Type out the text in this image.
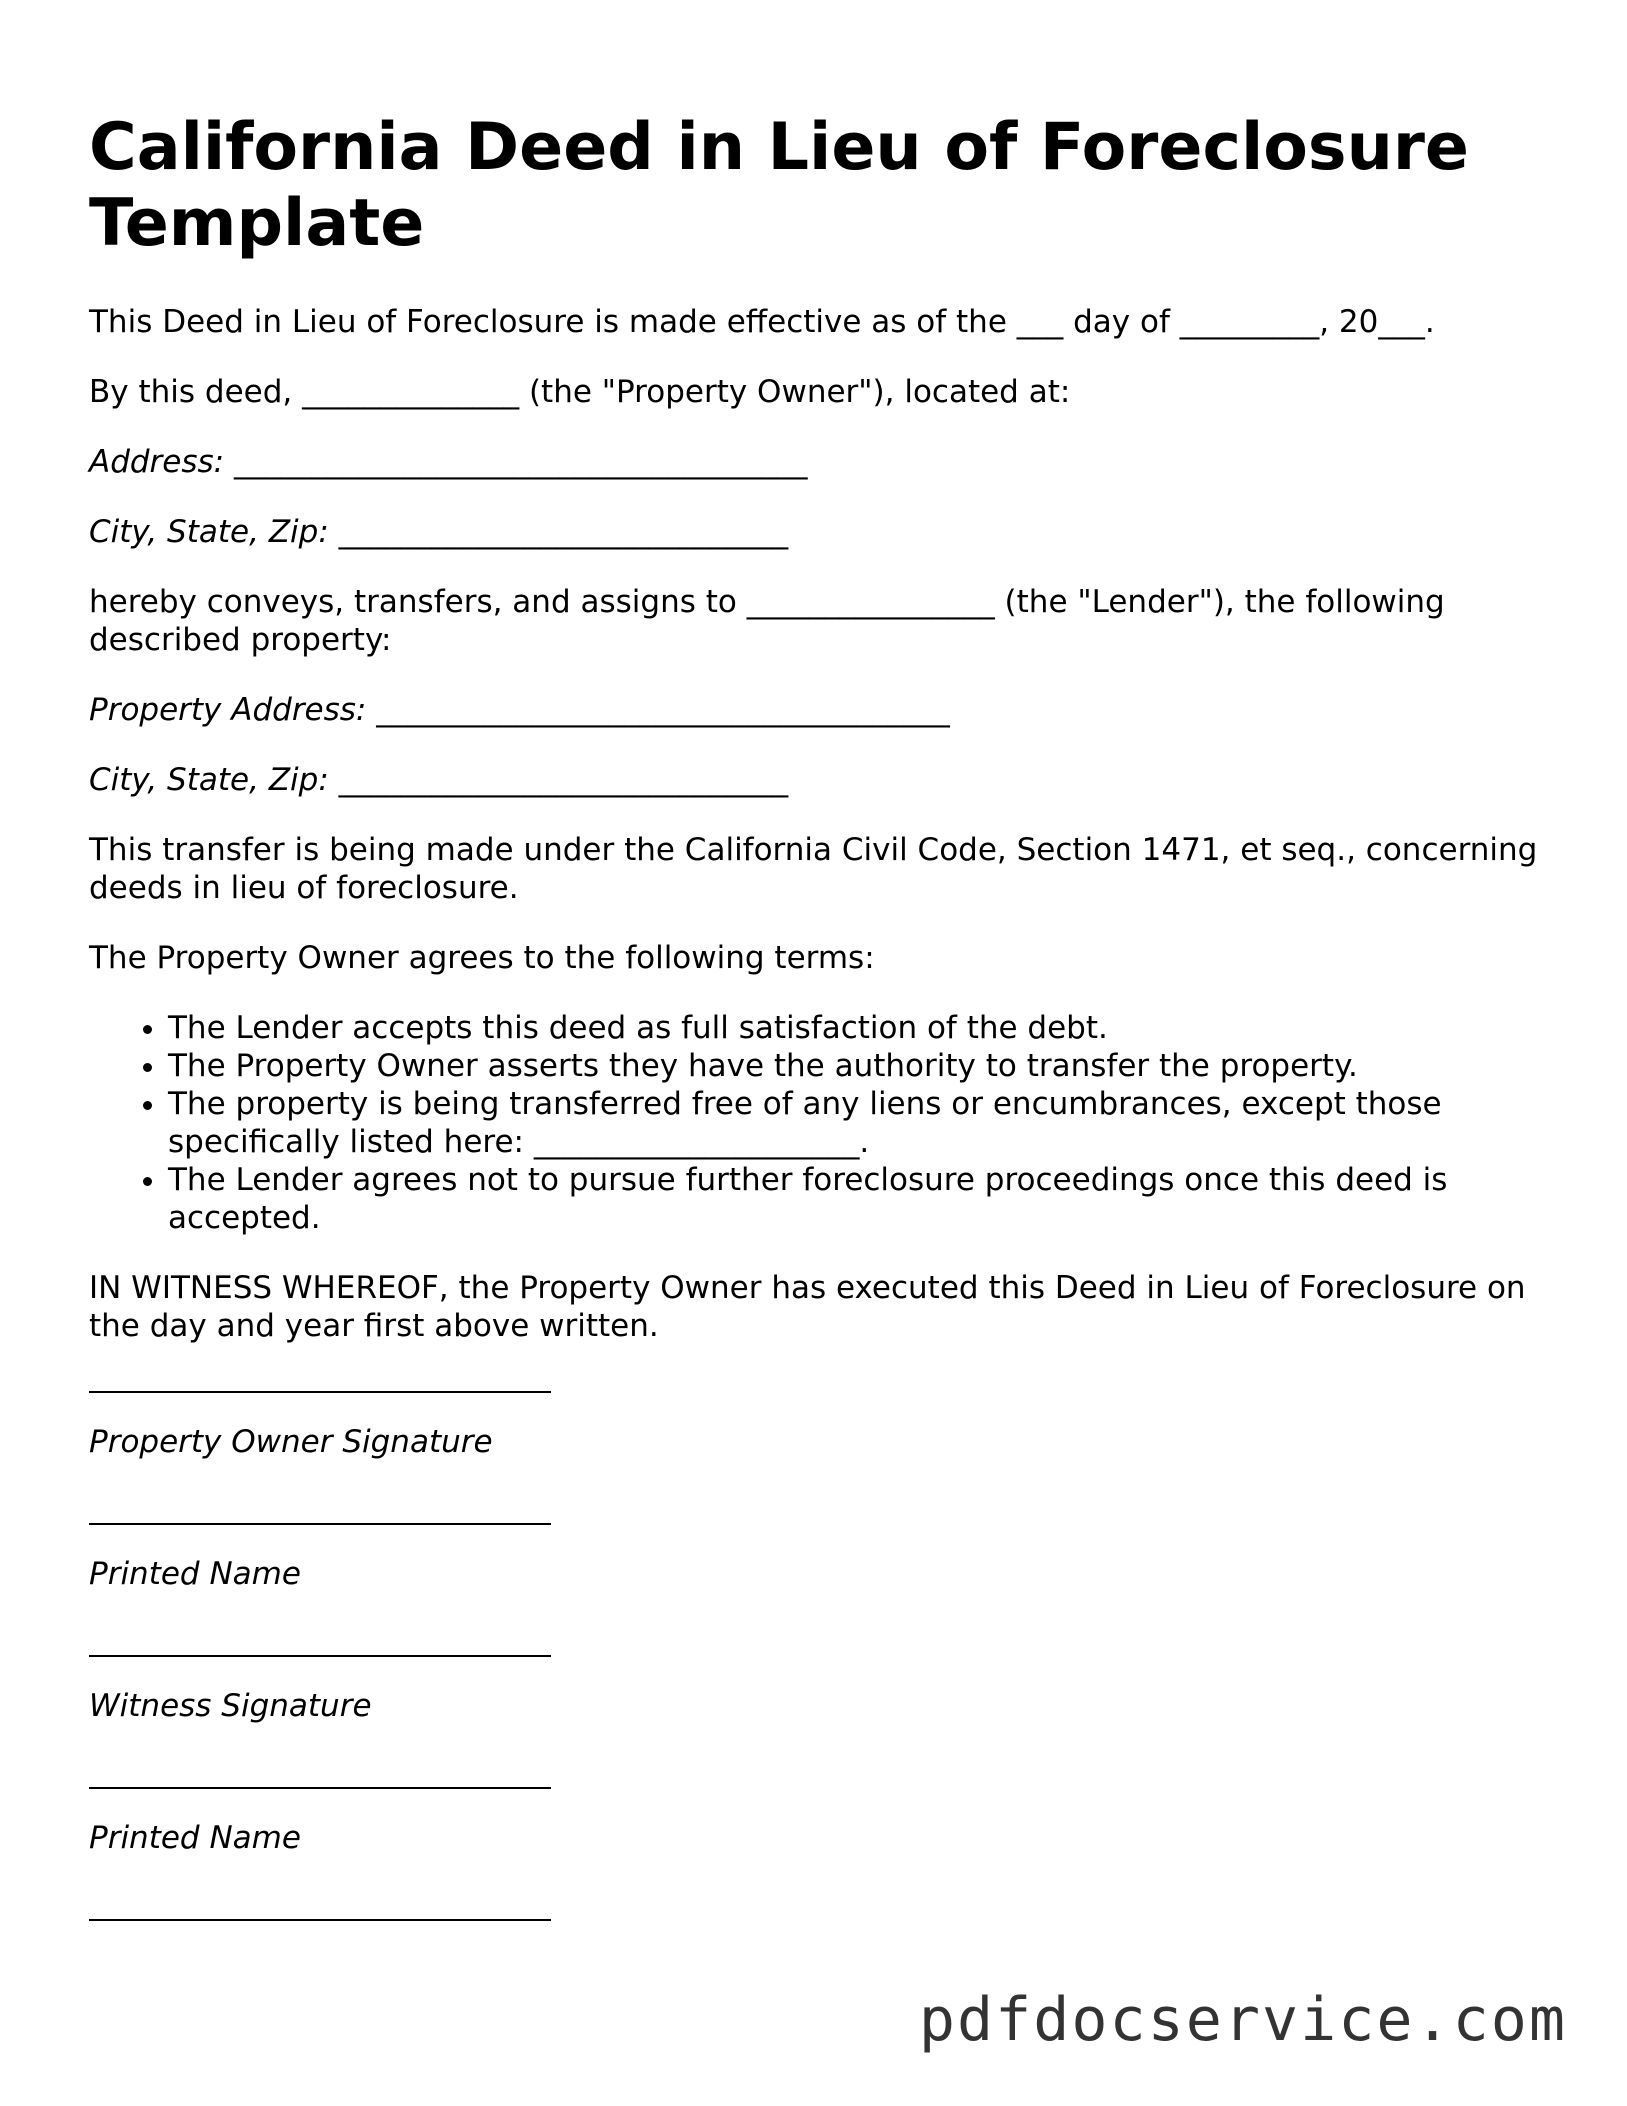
California Deed in Lieu of Foreclosure Template

This Deed in Lieu of Foreclosure is made effective as of the ___ day of _________, 20___.

By this deed, ______________ (the "Property Owner"), located at:

Address: _____________________________________

City, State, Zip: _____________________________

hereby conveys, transfers, and assigns to ________________ (the "Lender"), the following described property:

Property Address: _____________________________________

City, State, Zip: _____________________________

This transfer is being made under the California Civil Code, Section 1471, et seq., concerning deeds in lieu of foreclosure.

The Property Owner agrees to the following terms:

• The Lender accepts this deed as full satisfaction of the debt.
• The Property Owner asserts they have the authority to transfer the property.
• The property is being transferred free of any liens or encumbrances, except those specifically listed here: _____________________.
• The Lender agrees not to pursue further foreclosure proceedings once this deed is accepted.

IN WITNESS WHEREOF, the Property Owner has executed this Deed in Lieu of Foreclosure on the day and year first above written.

Property Owner Signature
Printed Name
Witness Signature
Printed Name
pdfdocservice.com
